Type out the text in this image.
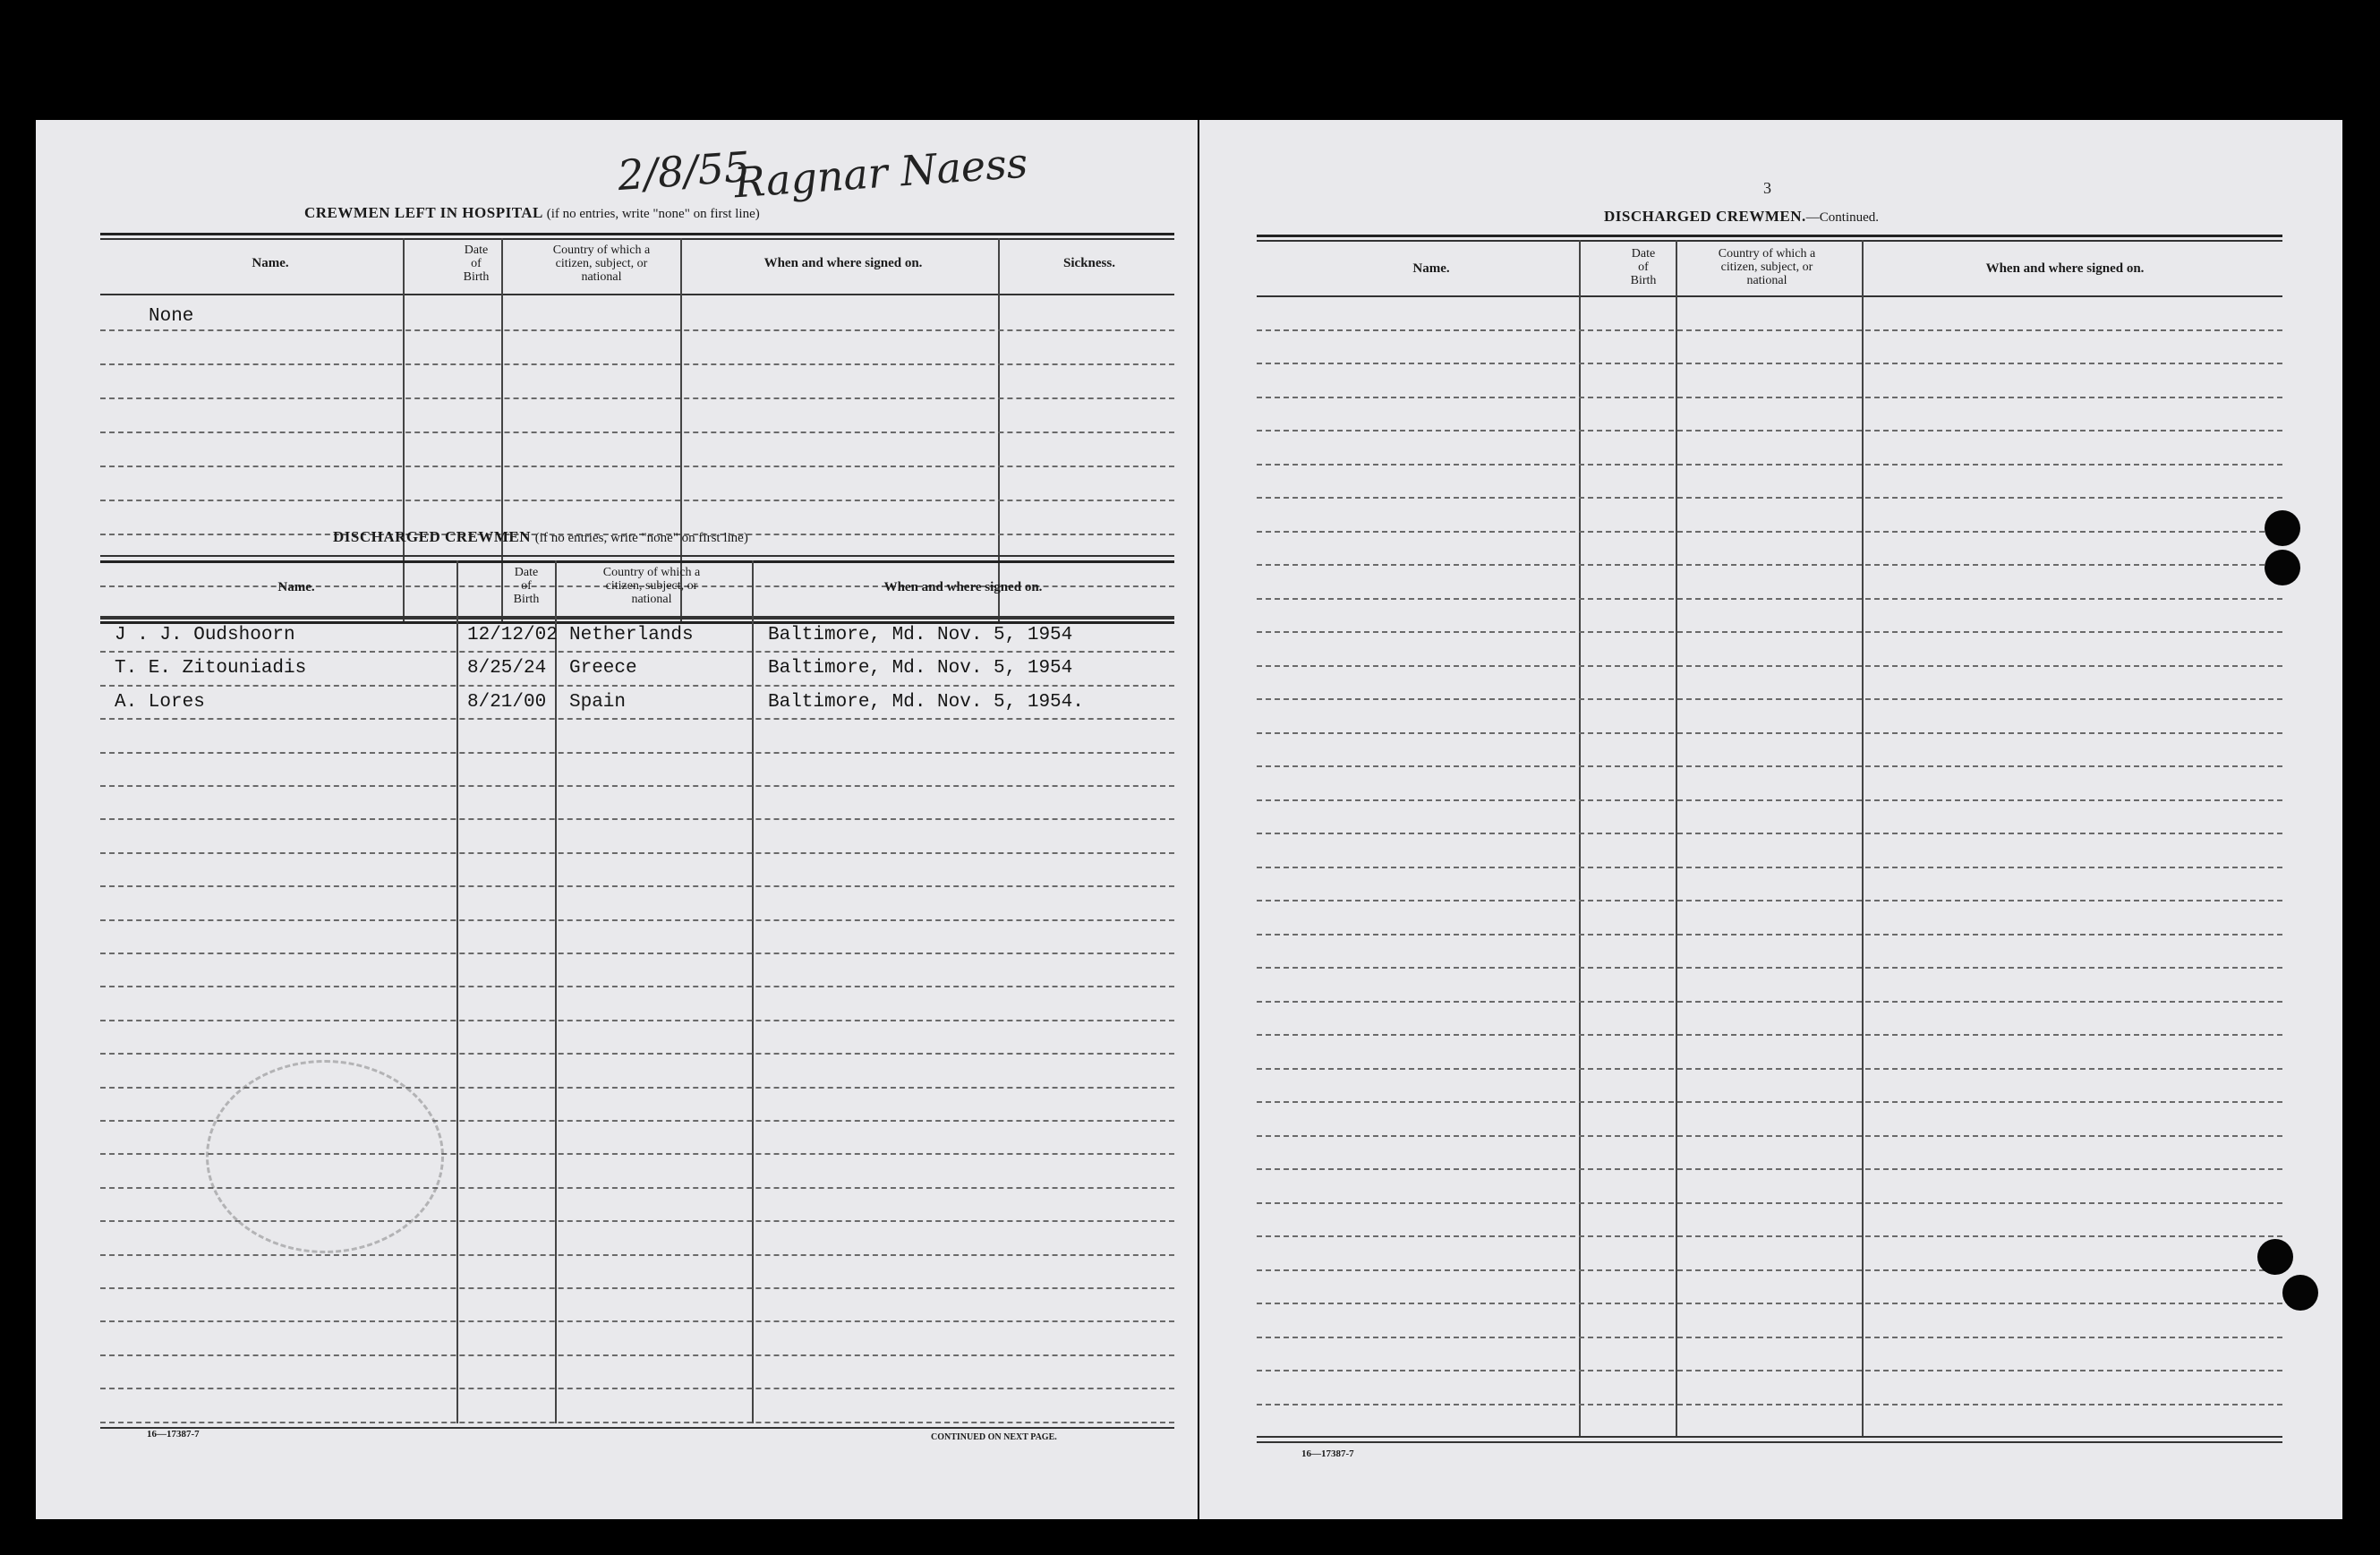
2/8/55
Ragnar Naess
CREWMEN LEFT IN HOSPITAL (if no entries, write "none" on first line)
Name.
Date
of
Birth
Country of which a
citizen, subject, or
national
When and where signed on.	Sickness.
None
DISCHARGED CREWMEN (if no entries, write "none" on first line)
Name.
Date
of
Birth
Country of which a
citizen, subject, or
national
When and where signed on.
J . J. Oudshoorn	12/12/02 Netherlands	Baltimore, Md. Nov. 5, 1954
T. E. Zitouniadis	8/25/24 Greece	Baltimore, Md. Nov. 5, 1954
A. Lores	8/21/00 Spain	Baltimore, Md. Nov. 5, 1954.
16—17387-7	CONTINUED ON NEXT PAGE.
3
DISCHARGED CREWMEN.—Continued.
Name.
Date
of
Birth
Country of which a
citizen, subject, or
national
When and where signed on.
16—17387-7
